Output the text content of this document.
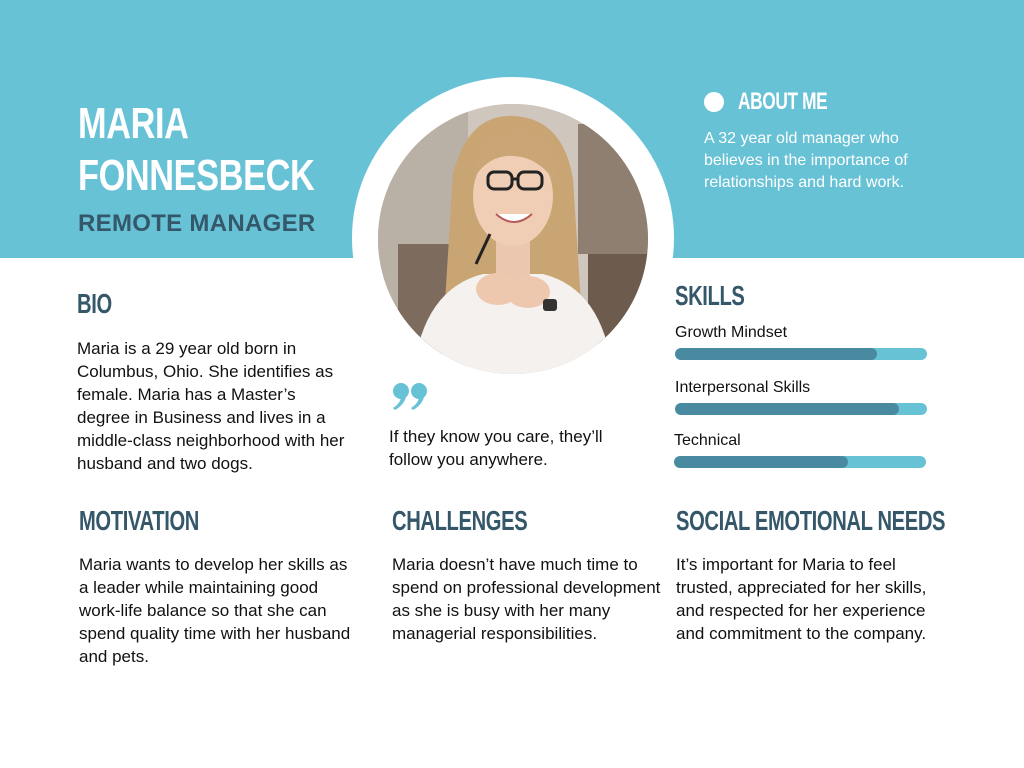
MARIA
FONNESBECK
REMOTE MANAGER
ABOUT ME
A 32 year old manager who believes in the importance of relationships and hard work.
BIO
Maria is a 29 year old born in Columbus, Ohio. She identifies as female. Maria has a Master’s degree in Business and lives in a middle-class neighborhood with her husband and two dogs.
If they know you care, they’ll follow you anywhere.
SKILLS
Growth Mindset
Interpersonal Skills
Technical
MOTIVATION
Maria wants to develop her skills as a leader while maintaining good work-life balance so that she can spend quality time with her husband and pets.
CHALLENGES
Maria doesn’t have much time to spend on professional development as she is busy with her many managerial responsibilities.
SOCIAL EMOTIONAL NEEDS
It’s important for Maria to feel trusted, appreciated for her skills, and respected for her experience and commitment to the company.
